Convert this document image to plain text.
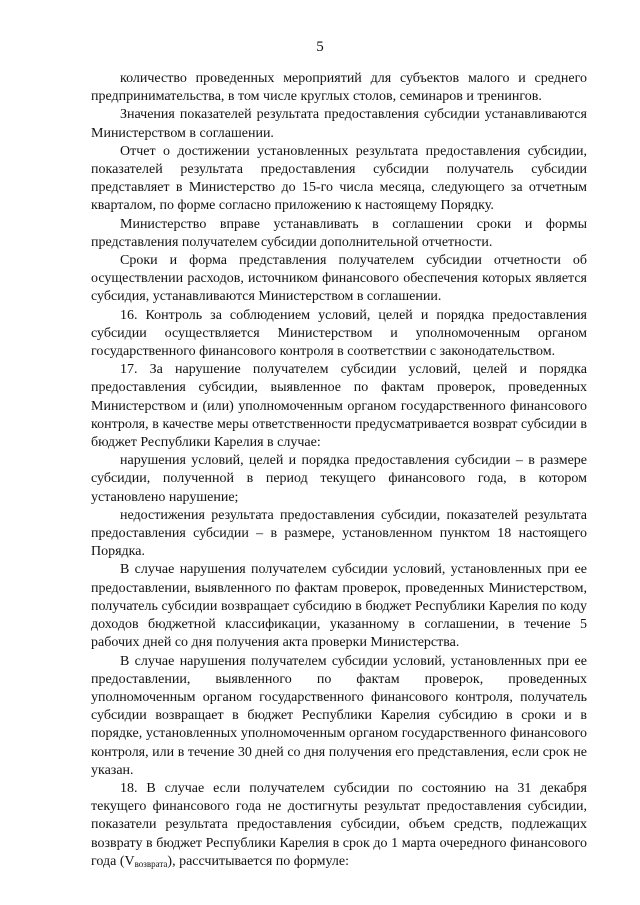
5

количество проведенных мероприятий для субъектов малого и среднего предпринимательства, в том числе круглых столов, семинаров и тренингов.

Значения показателей результата предоставления субсидии устанавливаются Министерством в соглашении.

Отчет о достижении установленных результата предоставления субсидии, показателей результата предоставления субсидии получатель субсидии представляет в Министерство до 15-го числа месяца, следующего за отчетным кварталом, по форме согласно приложению к настоящему Порядку.

Министерство вправе устанавливать в соглашении сроки и формы представления получателем субсидии дополнительной отчетности.

Сроки и форма представления получателем субсидии отчетности об осуществлении расходов, источником финансового обеспечения которых является субсидия, устанавливаются Министерством в соглашении.

16. Контроль за соблюдением условий, целей и порядка предоставления субсидии осуществляется Министерством и уполномоченным органом государственного финансового контроля в соответствии с законодательством.

17. За нарушение получателем субсидии условий, целей и порядка предоставления субсидии, выявленное по фактам проверок, проведенных Министерством и (или) уполномоченным органом государственного финансового контроля, в качестве меры ответственности предусматривается возврат субсидии в бюджет Республики Карелия в случае:

нарушения условий, целей и порядка предоставления субсидии – в размере субсидии, полученной в период текущего финансового года, в котором установлено нарушение;

недостижения результата предоставления субсидии, показателей результата предоставления субсидии – в размере, установленном пунктом 18 настоящего Порядка.

В случае нарушения получателем субсидии условий, установленных при ее предоставлении, выявленного по фактам проверок, проведенных Министерством, получатель субсидии возвращает субсидию в бюджет Республики Карелия по коду доходов бюджетной классификации, указанному в соглашении, в течение 5 рабочих дней со дня получения акта проверки Министерства.

В случае нарушения получателем субсидии условий, установленных при ее предоставлении, выявленного по фактам проверок, проведенных уполномоченным органом государственного финансового контроля, получатель субсидии возвращает в бюджет Республики Карелия субсидию в сроки и в порядке, установленных уполномоченным органом государственного финансового контроля, или в течение 30 дней со дня получения его представления, если срок не указан.

18. В случае если получателем субсидии по состоянию на 31 декабря текущего финансового года не достигнуты результат предоставления субсидии, показатели результата предоставления субсидии, объем средств, подлежащих возврату в бюджет Республики Карелия в срок до 1 марта очередного финансового года $(V_{возврата})$, рассчитывается по формуле:
